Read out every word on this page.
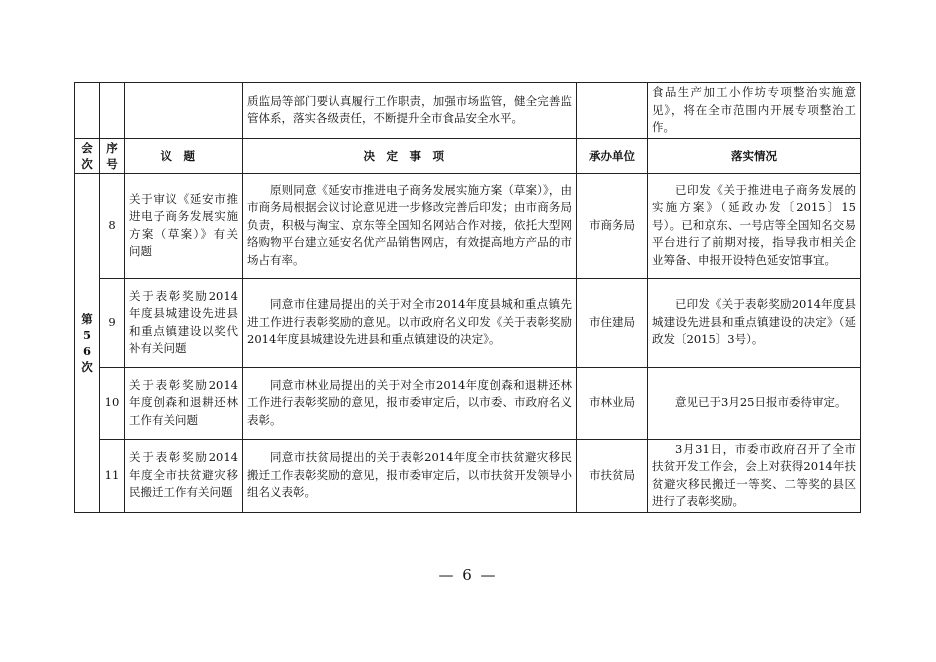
			质监局等部门要认真履行工作职责，加强市场监管，健全完善监管体系，落实各级责任，不断提升全市食品安全水平。		食品生产加工小作坊专项整治实施意见》，将在全市范围内开展专项整治工作。

会次	序号	议题	决定事项	承办单位	落实情况

第56次	8	关于审议《延安市推进电子商务发展实施方案（草案）》有关问题	原则同意《延安市推进电子商务发展实施方案（草案）》，由市商务局根据会议讨论意见进一步修改完善后印发；由市商务局负责，积极与淘宝、京东等全国知名网站合作对接，依托大型网络购物平台建立延安名优产品销售网店，有效提高地方产品的市场占有率。	市商务局	已印发《关于推进电子商务发展的实施方案》（延政办发〔2015〕15号）。已和京东、一号店等全国知名交易平台进行了前期对接，指导我市相关企业筹备、申报开设特色延安馆事宜。

	9	关于表彰奖励2014年度县城建设先进县和重点镇建设以奖代补有关问题	同意市住建局提出的关于对全市2014年度县城和重点镇先进工作进行表彰奖励的意见。以市政府名义印发《关于表彰奖励2014年度县城建设先进县和重点镇建设的决定》。	市住建局	已印发《关于表彰奖励2014年度县城建设先进县和重点镇建设的决定》（延政发〔2015〕3号）。

	10	关于表彰奖励2014年度创森和退耕还林工作有关问题	同意市林业局提出的关于对全市2014年度创森和退耕还林工作进行表彰奖励的意见，报市委审定后，以市委、市政府名义表彰。	市林业局	意见已于3月25日报市委待审定。

	11	关于表彰奖励2014年度全市扶贫避灾移民搬迁工作有关问题	同意市扶贫局提出的关于表彰2014年度全市扶贫避灾移民搬迁工作表彰奖励的意见，报市委审定后，以市扶贫开发领导小组名义表彰。	市扶贫局	3月31日，市委市政府召开了全市扶贫开发工作会，会上对获得2014年扶贫避灾移民搬迁一等奖、二等奖的县区进行了表彰奖励。
— 6 —
